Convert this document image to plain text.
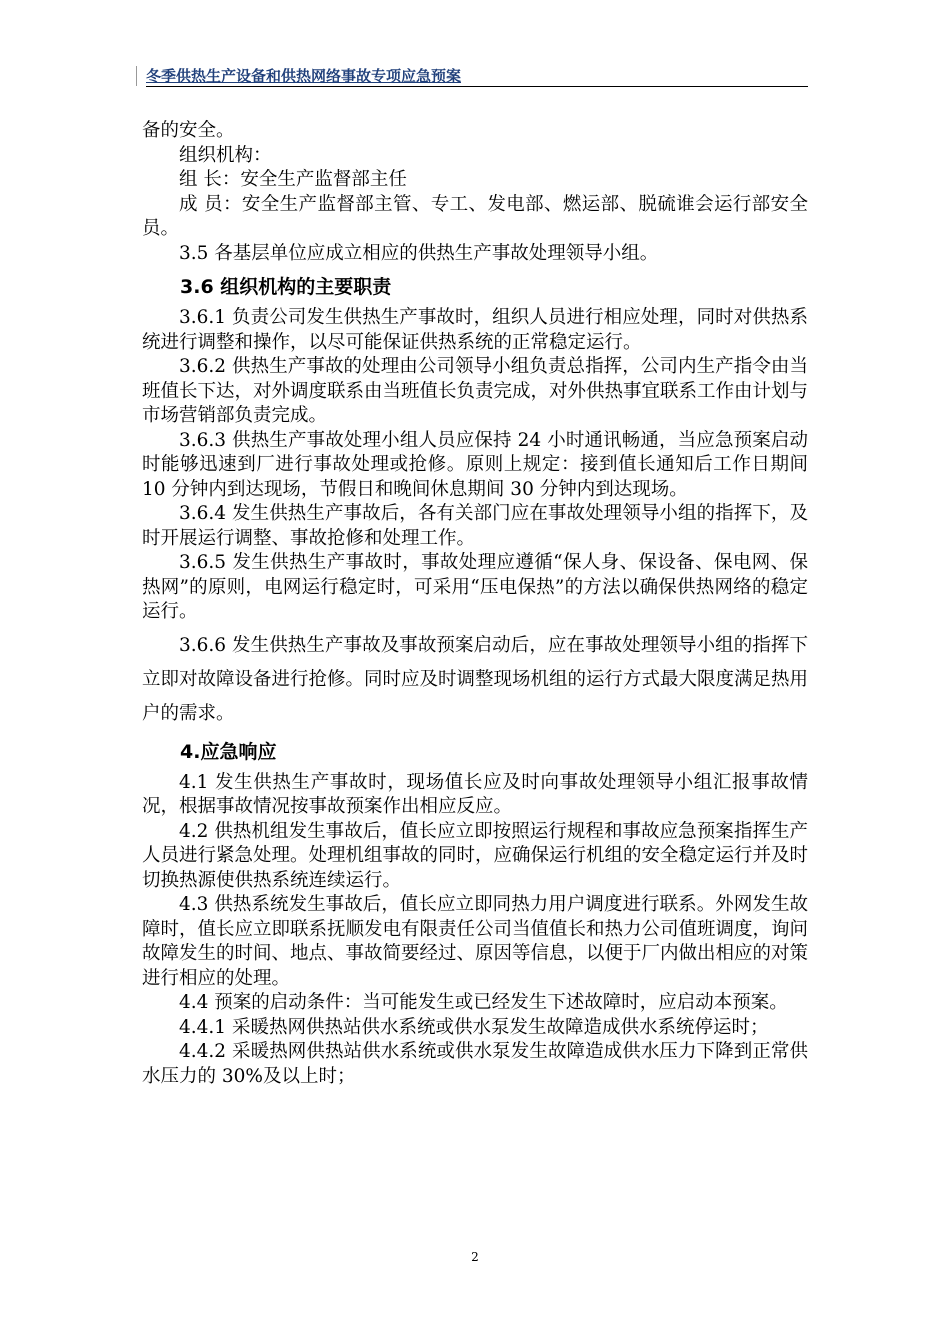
冬季供热生产设备和供热网络事故专项应急预案

备的安全。

组织机构：

组 长：安全生产监督部主任

成 员：安全生产监督部主管、专工、发电部、燃运部、脱硫谁会运行部安全员。

3.5 各基层单位应成立相应的供热生产事故处理领导小组。

3.6 组织机构的主要职责

3.6.1 负责公司发生供热生产事故时，组织人员进行相应处理，同时对供热系统进行调整和操作，以尽可能保证供热系统的正常稳定运行。

3.6.2 供热生产事故的处理由公司领导小组负责总指挥，公司内生产指令由当班值长下达，对外调度联系由当班值长负责完成，对外供热事宜联系工作由计划与市场营销部负责完成。

3.6.3 供热生产事故处理小组人员应保持 24 小时通讯畅通，当应急预案启动时能够迅速到厂进行事故处理或抢修。原则上规定：接到值长通知后工作日期间 10 分钟内到达现场，节假日和晚间休息期间 30 分钟内到达现场。

3.6.4 发生供热生产事故后，各有关部门应在事故处理领导小组的指挥下，及时开展运行调整、事故抢修和处理工作。

3.6.5 发生供热生产事故时，事故处理应遵循“保人身、保设备、保电网、保热网”的原则，电网运行稳定时，可采用“压电保热”的方法以确保供热网络的稳定运行。

3.6.6 发生供热生产事故及事故预案启动后，应在事故处理领导小组的指挥下立即对故障设备进行抢修。同时应及时调整现场机组的运行方式最大限度满足热用户的需求。

4.应急响应

4.1 发生供热生产事故时，现场值长应及时向事故处理领导小组汇报事故情况，根据事故情况按事故预案作出相应反应。

4.2 供热机组发生事故后，值长应立即按照运行规程和事故应急预案指挥生产人员进行紧急处理。处理机组事故的同时，应确保运行机组的安全稳定运行并及时切换热源使供热系统连续运行。

4.3 供热系统发生事故后，值长应立即同热力用户调度进行联系。外网发生故障时，值长应立即联系抚顺发电有限责任公司当值值长和热力公司值班调度，询问故障发生的时间、地点、事故简要经过、原因等信息，以便于厂内做出相应的对策进行相应的处理。

4.4 预案的启动条件：当可能发生或已经发生下述故障时，应启动本预案。

4.4.1 采暖热网供热站供水系统或供水泵发生故障造成供水系统停运时；

4.4.2 采暖热网供热站供水系统或供水泵发生故障造成供水压力下降到正常供水压力的 30%及以上时；

2
